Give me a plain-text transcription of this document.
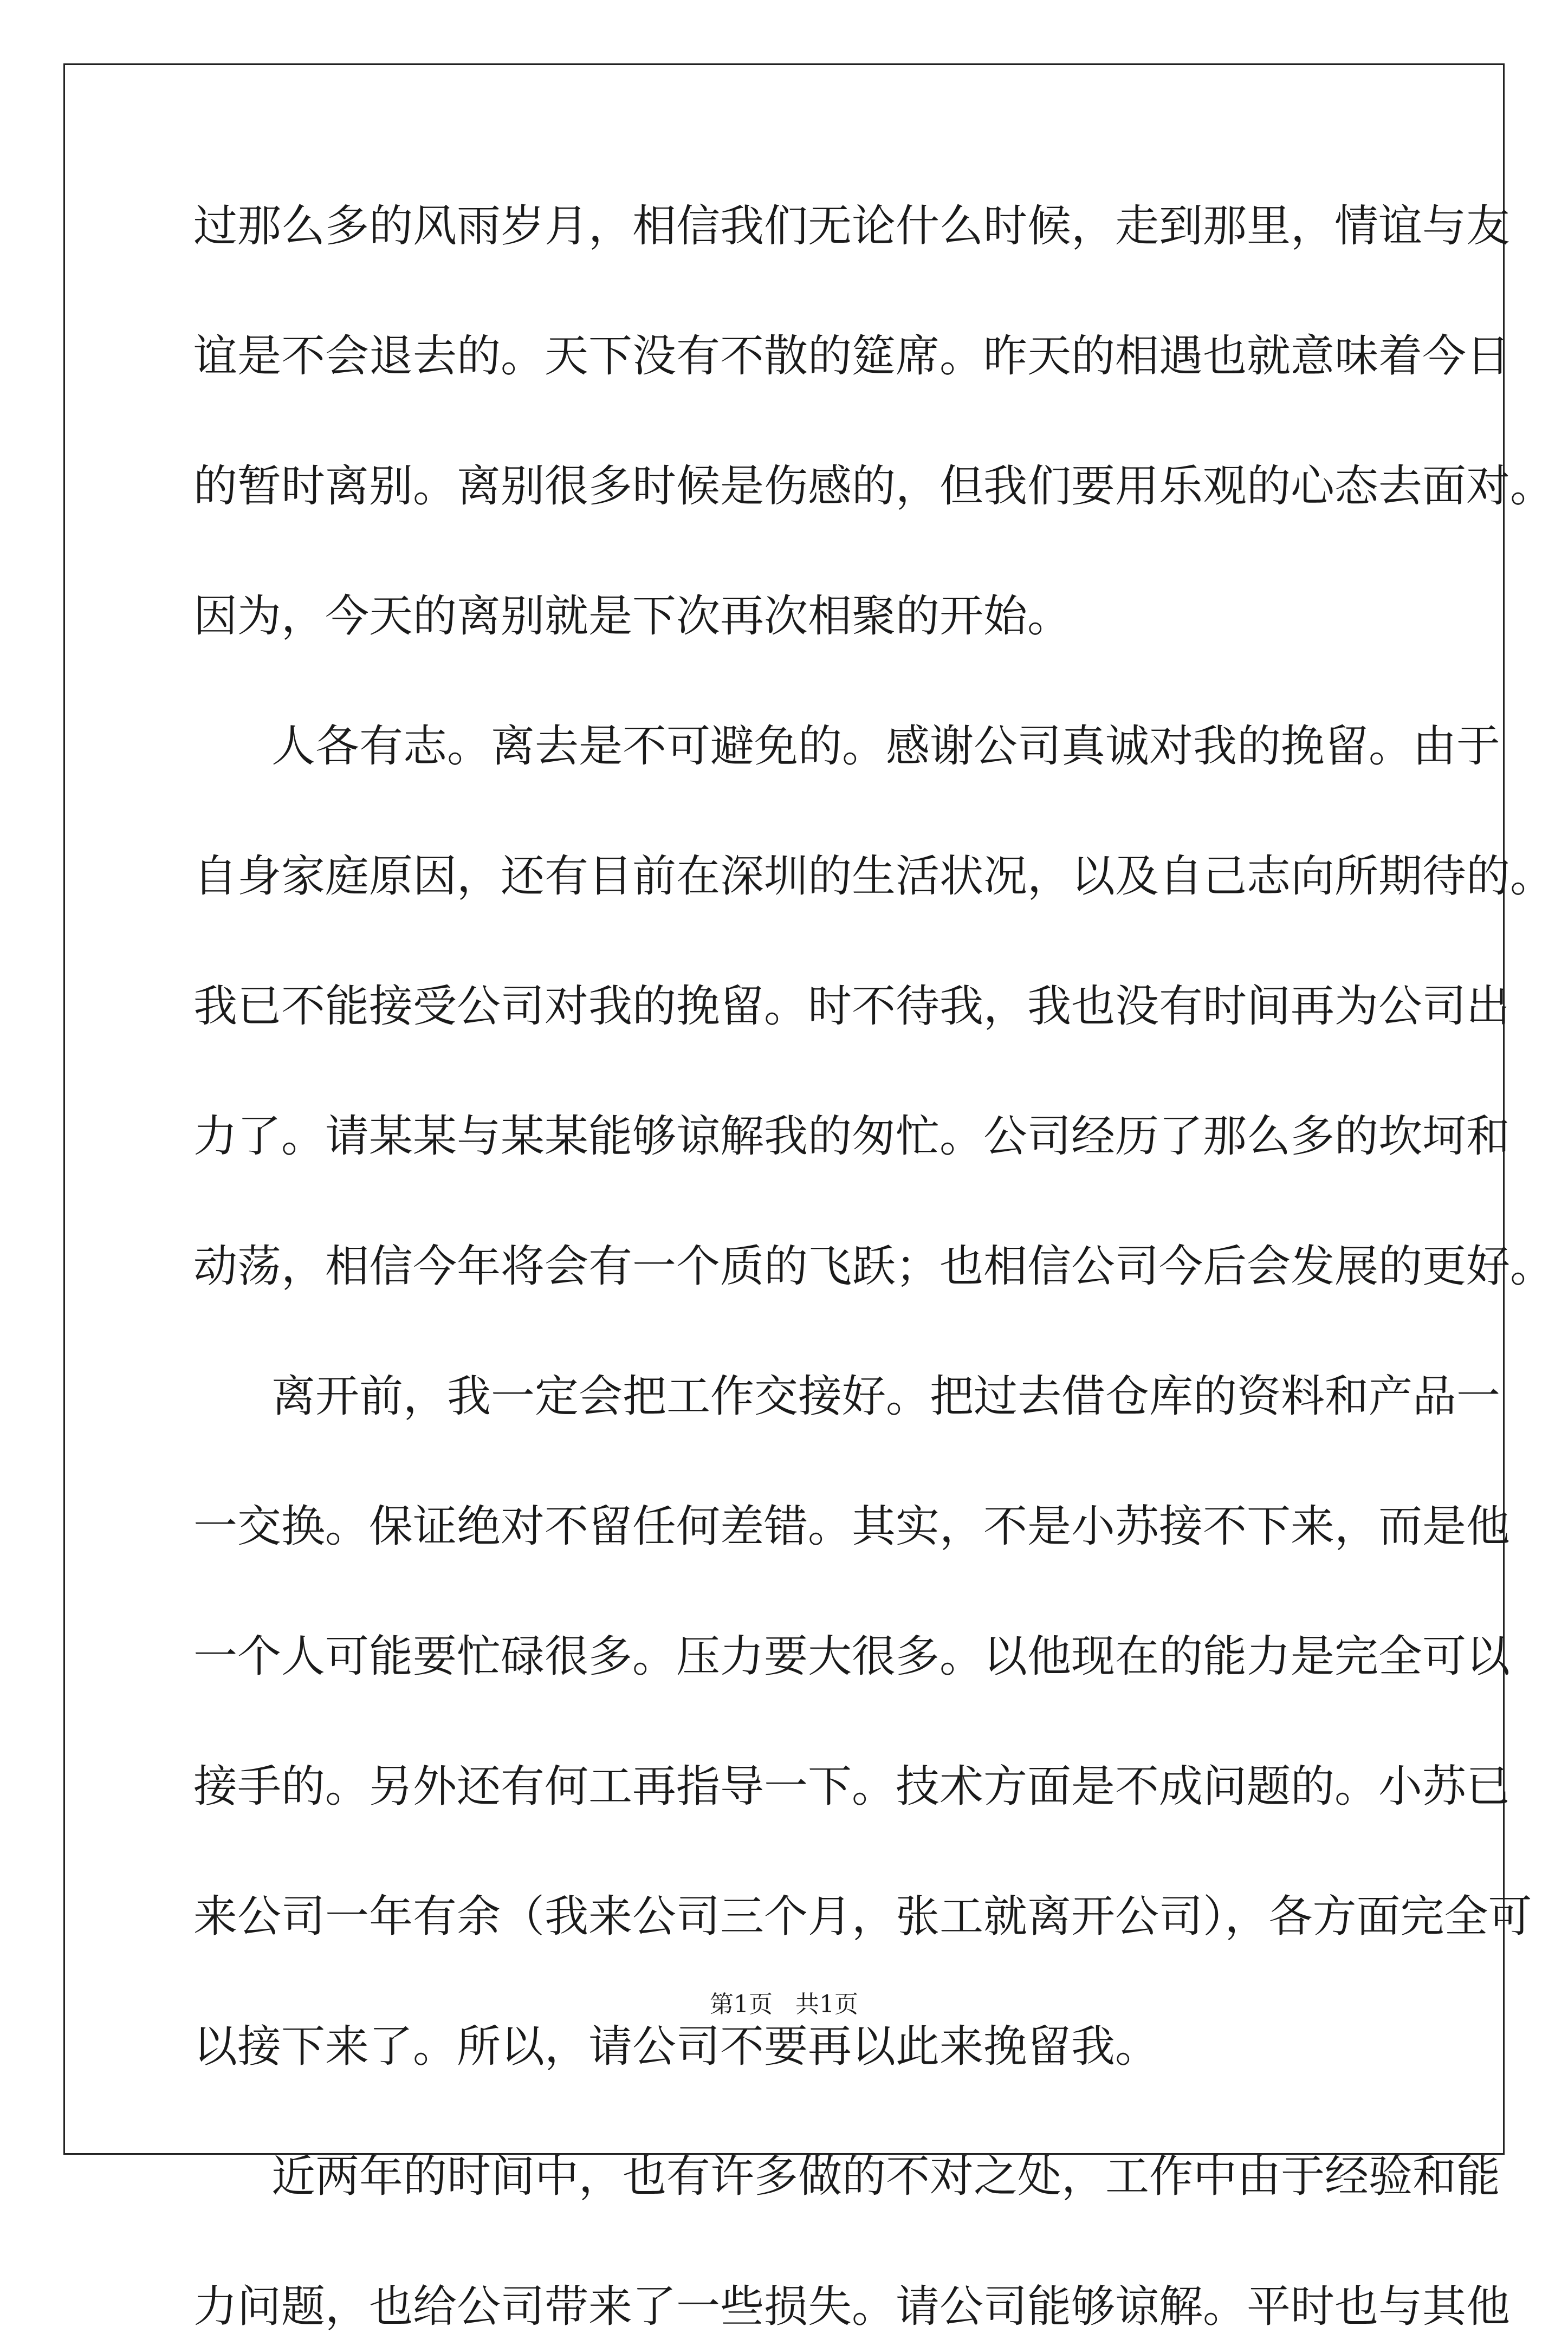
过那么多的风雨岁月，相信我们无论什么时候，走到那里，情谊与友
谊是不会退去的。天下没有不散的筵席。昨天的相遇也就意味着今日
的暂时离别。离别很多时候是伤感的，但我们要用乐观的心态去面对。
因为，今天的离别就是下次再次相聚的开始。
人各有志。离去是不可避免的。感谢公司真诚对我的挽留。由于
自身家庭原因，还有目前在深圳的生活状况，以及自己志向所期待的。
我已不能接受公司对我的挽留。时不待我，我也没有时间再为公司出
力了。请某某与某某能够谅解我的匆忙。公司经历了那么多的坎坷和
动荡，相信今年将会有一个质的飞跃；也相信公司今后会发展的更好。
离开前，我一定会把工作交接好。把过去借仓库的资料和产品一
一交换。保证绝对不留任何差错。其实，不是小苏接不下来，而是他
一个人可能要忙碌很多。压力要大很多。以他现在的能力是完全可以
接手的。另外还有何工再指导一下。技术方面是不成问题的。小苏已
来公司一年有余（我来公司三个月，张工就离开公司），各方面完全可
以接下来了。所以，请公司不要再以此来挽留我。
近两年的时间中，也有许多做的不对之处，工作中由于经验和能
力问题，也给公司带来了一些损失。请公司能够谅解。平时也与其他
第1页   共1页
